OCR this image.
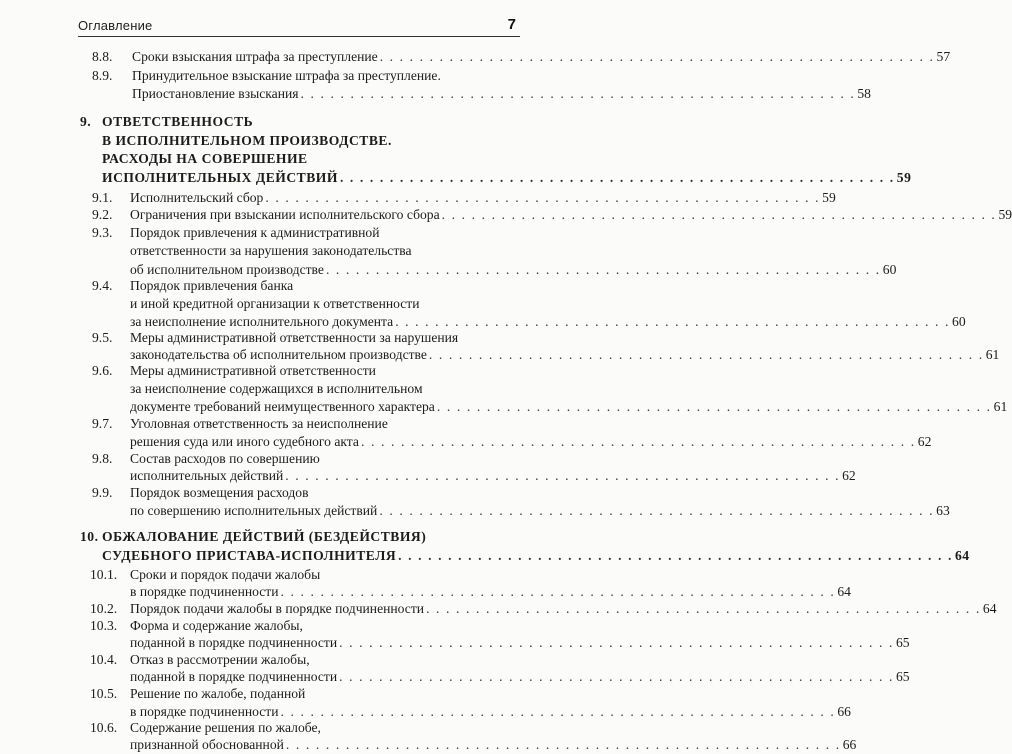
Оглавление	7
8.8. Сроки взыскания штрафа за преступление . . . . . . . . . . . . . . . . . . . . . . . . . . . . . . . . . . . . . . . . . . . . . . . . . . . . . . . . 57
8.9. Принудительное взыскание штрафа за преступление.
Приостановление взыскания . . . . . . . . . . . . . . . . . . . . . . . . . . . . . . . . . . . . . . . . . . . . . . . . . . . . . . . . 58
9. ОТВЕТСТВЕННОСТЬ
В ИСПОЛНИТЕЛЬНОМ ПРОИЗВОДСТВЕ.
РАСХОДЫ НА СОВЕРШЕНИЕ
ИСПОЛНИТЕЛЬНЫХ ДЕЙСТВИЙ . . . . . . . . . . . . . . . . . . . . . . . . . . . . . . . . . . . . . . . . . . . . . . . . . . . . . . . . 59
9.1. Исполнительский сбор . . . . . . . . . . . . . . . . . . . . . . . . . . . . . . . . . . . . . . . . . . . . . . . . . . . . . . . . 59
9.2. Ограничения при взыскании исполнительского сбора . . . . . . . . . . . . . . . . . . . . . . . . . . . . . . . . . . . . . . . . . . . . . . . . . . . . . . . . 59
9.3. Порядок привлечения к административной
ответственности за нарушения законодательства
об исполнительном производстве . . . . . . . . . . . . . . . . . . . . . . . . . . . . . . . . . . . . . . . . . . . . . . . . . . . . . . . . 60
9.4. Порядок привлечения банка
и иной кредитной организации к ответственности
за неисполнение исполнительного документа . . . . . . . . . . . . . . . . . . . . . . . . . . . . . . . . . . . . . . . . . . . . . . . . . . . . . . . . 60
9.5. Меры административной ответственности за нарушения
законодательства об исполнительном производстве . . . . . . . . . . . . . . . . . . . . . . . . . . . . . . . . . . . . . . . . . . . . . . . . . . . . . . . . 61
9.6. Меры административной ответственности
за неисполнение содержащихся в исполнительном
документе требований неимущественного характера . . . . . . . . . . . . . . . . . . . . . . . . . . . . . . . . . . . . . . . . . . . . . . . . . . . . . . . . 61
9.7. Уголовная ответственность за неисполнение
решения суда или иного судебного акта . . . . . . . . . . . . . . . . . . . . . . . . . . . . . . . . . . . . . . . . . . . . . . . . . . . . . . . . 62
9.8. Состав расходов по совершению
исполнительных действий . . . . . . . . . . . . . . . . . . . . . . . . . . . . . . . . . . . . . . . . . . . . . . . . . . . . . . . . 62
9.9. Порядок возмещения расходов
по совершению исполнительных действий . . . . . . . . . . . . . . . . . . . . . . . . . . . . . . . . . . . . . . . . . . . . . . . . . . . . . . . . 63
10. ОБЖАЛОВАНИЕ ДЕЙСТВИЙ (БЕЗДЕЙСТВИЯ)
СУДЕБНОГО ПРИСТАВА-ИСПОЛНИТЕЛЯ . . . . . . . . . . . . . . . . . . . . . . . . . . . . . . . . . . . . . . . . . . . . . . . . . . . . . . . . 64
10.1. Сроки и порядок подачи жалобы
в порядке подчиненности . . . . . . . . . . . . . . . . . . . . . . . . . . . . . . . . . . . . . . . . . . . . . . . . . . . . . . . . 64
10.2. Порядок подачи жалобы в порядке подчиненности . . . . . . . . . . . . . . . . . . . . . . . . . . . . . . . . . . . . . . . . . . . . . . . . . . . . . . . . 64
10.3. Форма и содержание жалобы,
поданной в порядке подчиненности . . . . . . . . . . . . . . . . . . . . . . . . . . . . . . . . . . . . . . . . . . . . . . . . . . . . . . . . 65
10.4. Отказ в рассмотрении жалобы,
поданной в порядке подчиненности . . . . . . . . . . . . . . . . . . . . . . . . . . . . . . . . . . . . . . . . . . . . . . . . . . . . . . . . 65
10.5. Решение по жалобе, поданной
в порядке подчиненности . . . . . . . . . . . . . . . . . . . . . . . . . . . . . . . . . . . . . . . . . . . . . . . . . . . . . . . . 66
10.6. Содержание решения по жалобе,
признанной обоснованной . . . . . . . . . . . . . . . . . . . . . . . . . . . . . . . . . . . . . . . . . . . . . . . . . . . . . . . . 66
